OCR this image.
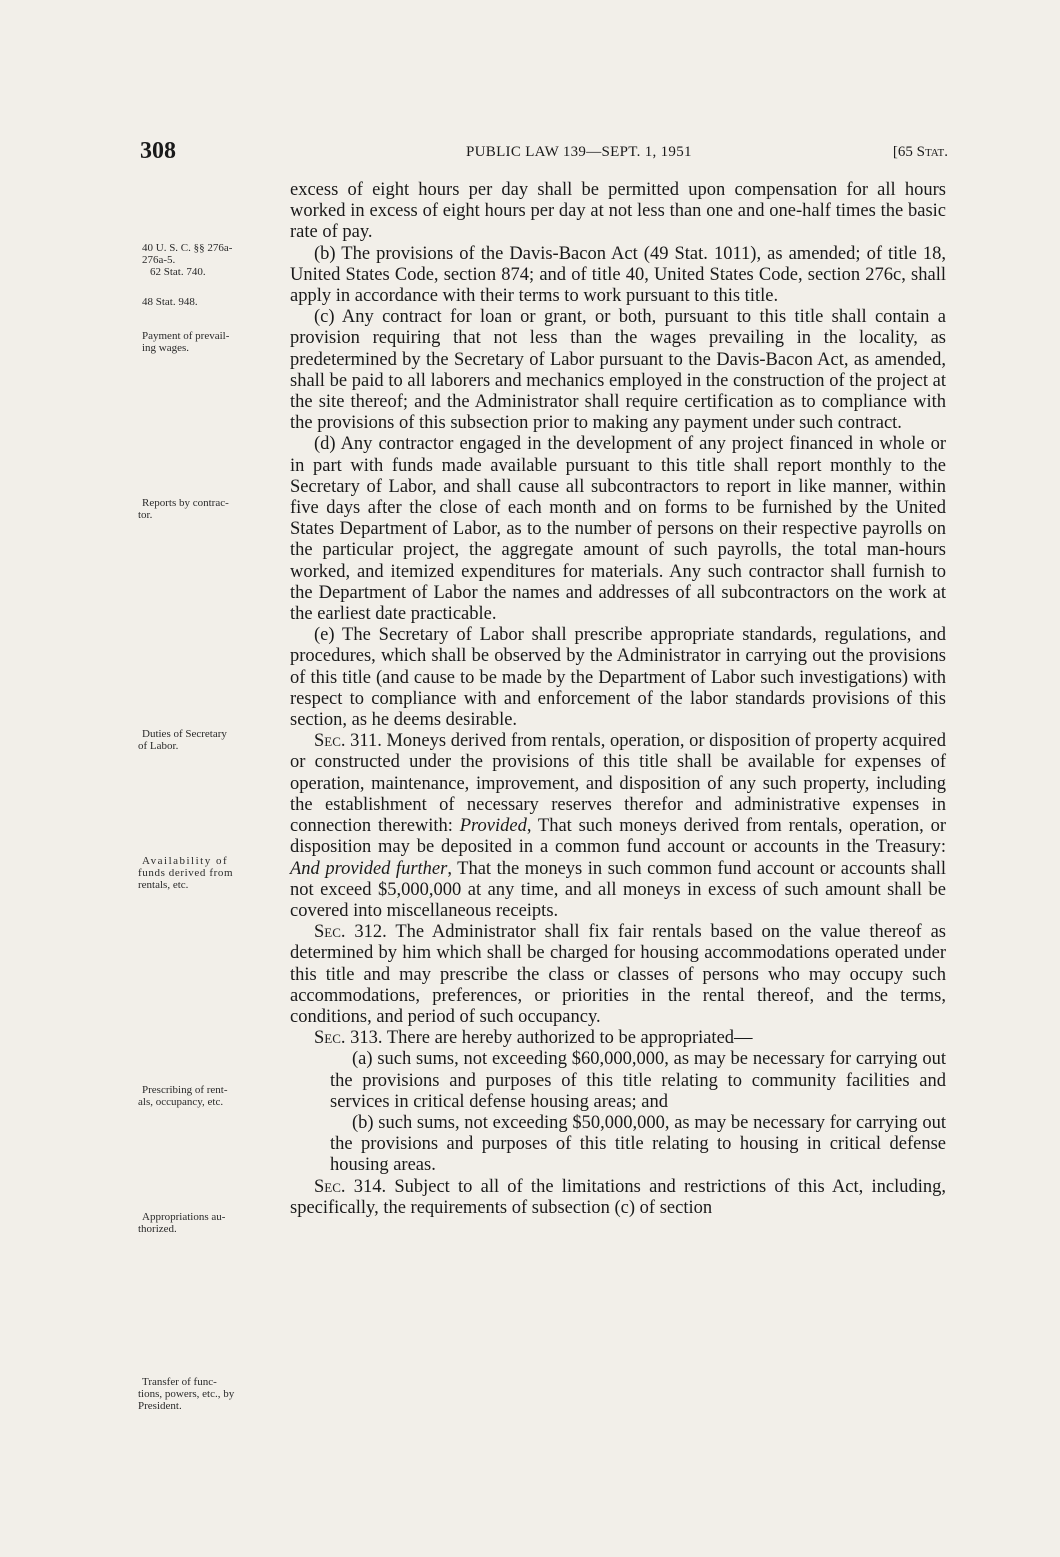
308	PUBLIC LAW 139—SEPT. 1, 1951	[65 Stat.
40 U. S. C. §§ 276a-
276a-5.
62 Stat. 740.
48 Stat. 948.
Payment of prevail-
ing wages.
Reports by contrac-
tor.
Duties of Secretary
of Labor.
Availability of
funds derived from
rentals, etc.
Prescribing of rent-
als, occupancy, etc.
Appropriations au-
thorized.
Transfer of func-
tions, powers, etc., by
President.

excess of eight hours per day shall be permitted upon compensation for all hours worked in excess of eight hours per day at not less than one and one-half times the basic rate of pay.

(b) The provisions of the Davis-Bacon Act (49 Stat. 1011), as amended; of title 18, United States Code, section 874; and of title 40, United States Code, section 276c, shall apply in accordance with their terms to work pursuant to this title.

(c) Any contract for loan or grant, or both, pursuant to this title shall contain a provision requiring that not less than the wages prevailing in the locality, as predetermined by the Secretary of Labor pursuant to the Davis-Bacon Act, as amended, shall be paid to all laborers and mechanics employed in the construction of the project at the site thereof; and the Administrator shall require certification as to compliance with the provisions of this subsection prior to making any payment under such contract.

(d) Any contractor engaged in the development of any project financed in whole or in part with funds made available pursuant to this title shall report monthly to the Secretary of Labor, and shall cause all subcontractors to report in like manner, within five days after the close of each month and on forms to be furnished by the United States Department of Labor, as to the number of persons on their respective payrolls on the particular project, the aggregate amount of such payrolls, the total man-hours worked, and itemized expenditures for materials. Any such contractor shall furnish to the Department of Labor the names and addresses of all subcontractors on the work at the earliest date practicable.

(e) The Secretary of Labor shall prescribe appropriate standards, regulations, and procedures, which shall be observed by the Administrator in carrying out the provisions of this title (and cause to be made by the Department of Labor such investigations) with respect to compliance with and enforcement of the labor standards provisions of this section, as he deems desirable.

Sec. 311. Moneys derived from rentals, operation, or disposition of property acquired or constructed under the provisions of this title shall be available for expenses of operation, maintenance, improvement, and disposition of any such property, including the establishment of necessary reserves therefor and administrative expenses in connection therewith: Provided, That such moneys derived from rentals, operation, or disposition may be deposited in a common fund account or accounts in the Treasury: And provided further, That the moneys in such common fund account or accounts shall not exceed $5,000,000 at any time, and all moneys in excess of such amount shall be covered into miscellaneous receipts.

Sec. 312. The Administrator shall fix fair rentals based on the value thereof as determined by him which shall be charged for housing accommodations operated under this title and may prescribe the class or classes of persons who may occupy such accommodations, preferences, or priorities in the rental thereof, and the terms, conditions, and period of such occupancy.

Sec. 313. There are hereby authorized to be appropriated—

(a) such sums, not exceeding $60,000,000, as may be necessary for carrying out the provisions and purposes of this title relating to community facilities and services in critical defense housing areas; and

(b) such sums, not exceeding $50,000,000, as may be necessary for carrying out the provisions and purposes of this title relating to housing in critical defense housing areas.

Sec. 314. Subject to all of the limitations and restrictions of this Act, including, specifically, the requirements of subsection (c) of section
